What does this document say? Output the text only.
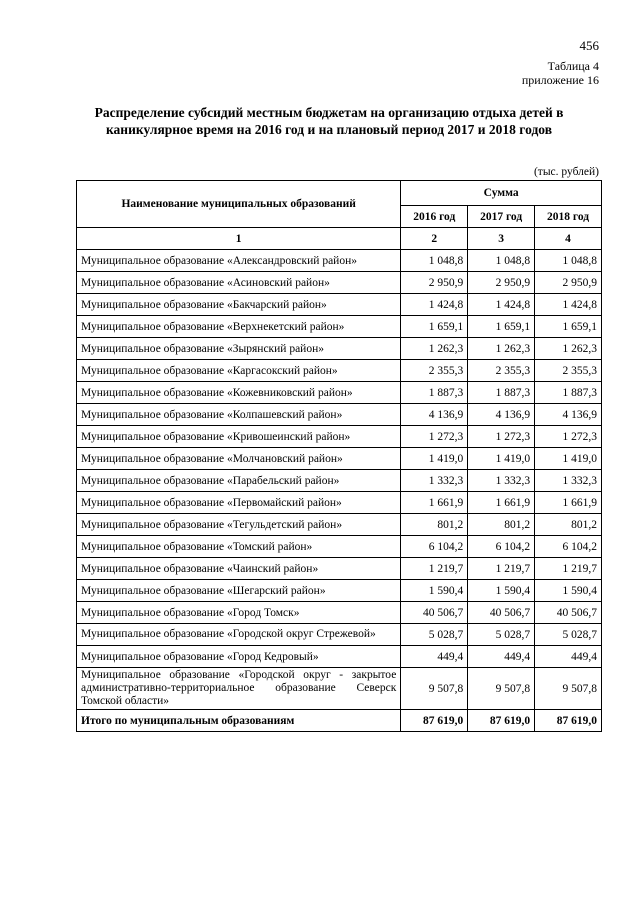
456
Таблица 4
приложение 16
Распределение субсидий местным бюджетам на организацию отдыха детей в
каникулярное время на 2016 год и на плановый период 2017 и 2018 годов
(тыс. рублей)
Наименование муниципальных образований	Сумма		
	2016 год	2017 год	2018 год
1	2	3	4
Муниципальное образование «Александровский район»	1 048,8	1 048,8	1 048,8
Муниципальное образование «Асиновский район»	2 950,9	2 950,9	2 950,9
Муниципальное образование «Бакчарский район»	1 424,8	1 424,8	1 424,8
Муниципальное образование «Верхнекетский район»	1 659,1	1 659,1	1 659,1
Муниципальное образование «Зырянский район»	1 262,3	1 262,3	1 262,3
Муниципальное образование «Каргасокский район»	2 355,3	2 355,3	2 355,3
Муниципальное образование «Кожевниковский район»	1 887,3	1 887,3	1 887,3
Муниципальное образование «Колпашевский район»	4 136,9	4 136,9	4 136,9
Муниципальное образование «Кривошеинский район»	1 272,3	1 272,3	1 272,3
Муниципальное образование «Молчановский район»	1 419,0	1 419,0	1 419,0
Муниципальное образование «Парабельский район»	1 332,3	1 332,3	1 332,3
Муниципальное образование «Первомайский район»	1 661,9	1 661,9	1 661,9
Муниципальное образование «Тегульдетский район»	801,2	801,2	801,2
Муниципальное образование «Томский район»	6 104,2	6 104,2	6 104,2
Муниципальное образование «Чаинский район»	1 219,7	1 219,7	1 219,7
Муниципальное образование «Шегарский район»	1 590,4	1 590,4	1 590,4
Муниципальное образование «Город Томск»	40 506,7	40 506,7	40 506,7
Муниципальное образование «Городской округ Стрежевой»	5 028,7	5 028,7	5 028,7
Муниципальное образование «Город Кедровый»	449,4	449,4	449,4
Муниципальное образование «Городской округ - закрытое административно-территориальное образование Северск Томской области»	9 507,8	9 507,8	9 507,8
Итого по муниципальным образованиям	87 619,0	87 619,0	87 619,0
